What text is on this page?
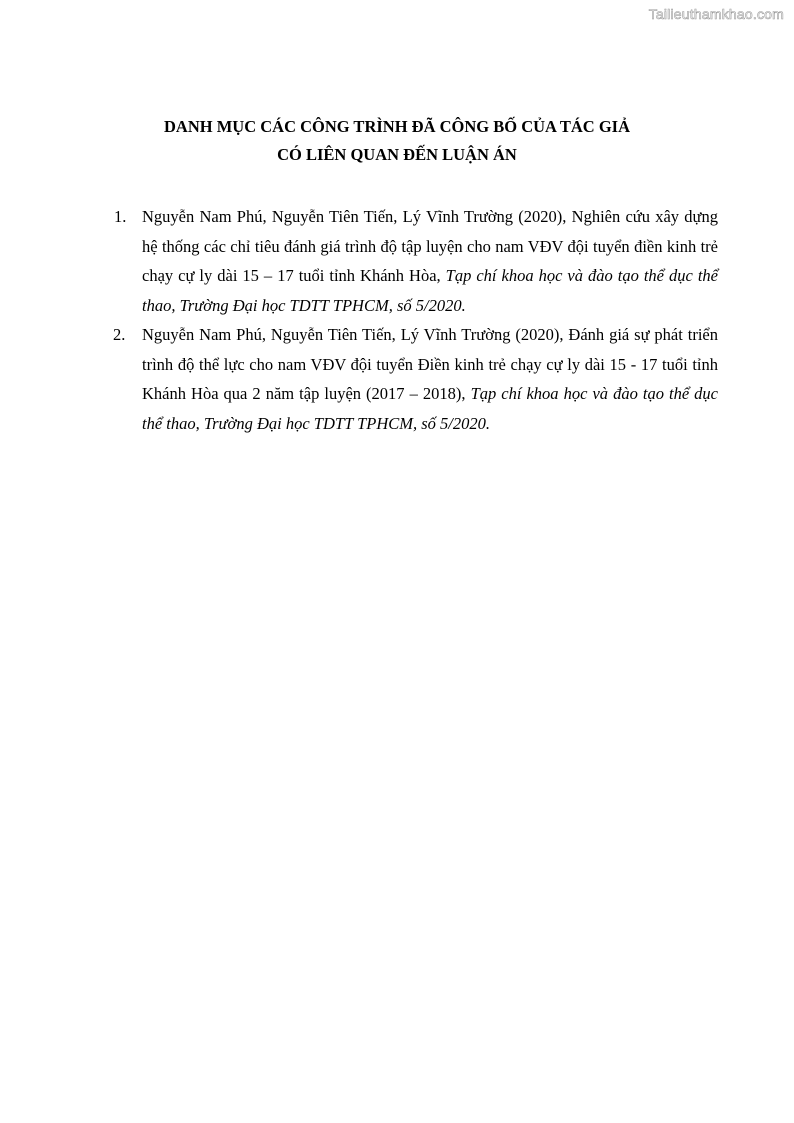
Tailieuthamkhao.com
DANH MỤC CÁC CÔNG TRÌNH ĐÃ CÔNG BỐ CỦA TÁC GIẢ
CÓ LIÊN QUAN ĐẾN LUẬN ÁN
1. Nguyễn Nam Phú, Nguyễn Tiên Tiến, Lý Vĩnh Trường (2020), Nghiên cứu xây dựng hệ thống các chỉ tiêu đánh giá trình độ tập luyện cho nam VĐV đội tuyển điền kinh trẻ chạy cự ly dài 15 – 17 tuổi tỉnh Khánh Hòa, Tạp chí khoa học và đào tạo thể dục thể thao, Trường Đại học TDTT TPHCM, số 5/2020.
2. Nguyễn Nam Phú, Nguyễn Tiên Tiến, Lý Vĩnh Trường (2020), Đánh giá sự phát triển trình độ thể lực cho nam VĐV đội tuyển Điền kinh trẻ chạy cự ly dài 15 - 17 tuổi tỉnh Khánh Hòa qua 2 năm tập luyện (2017 – 2018), Tạp chí khoa học và đào tạo thể dục thể thao, Trường Đại học TDTT TPHCM, số 5/2020.
